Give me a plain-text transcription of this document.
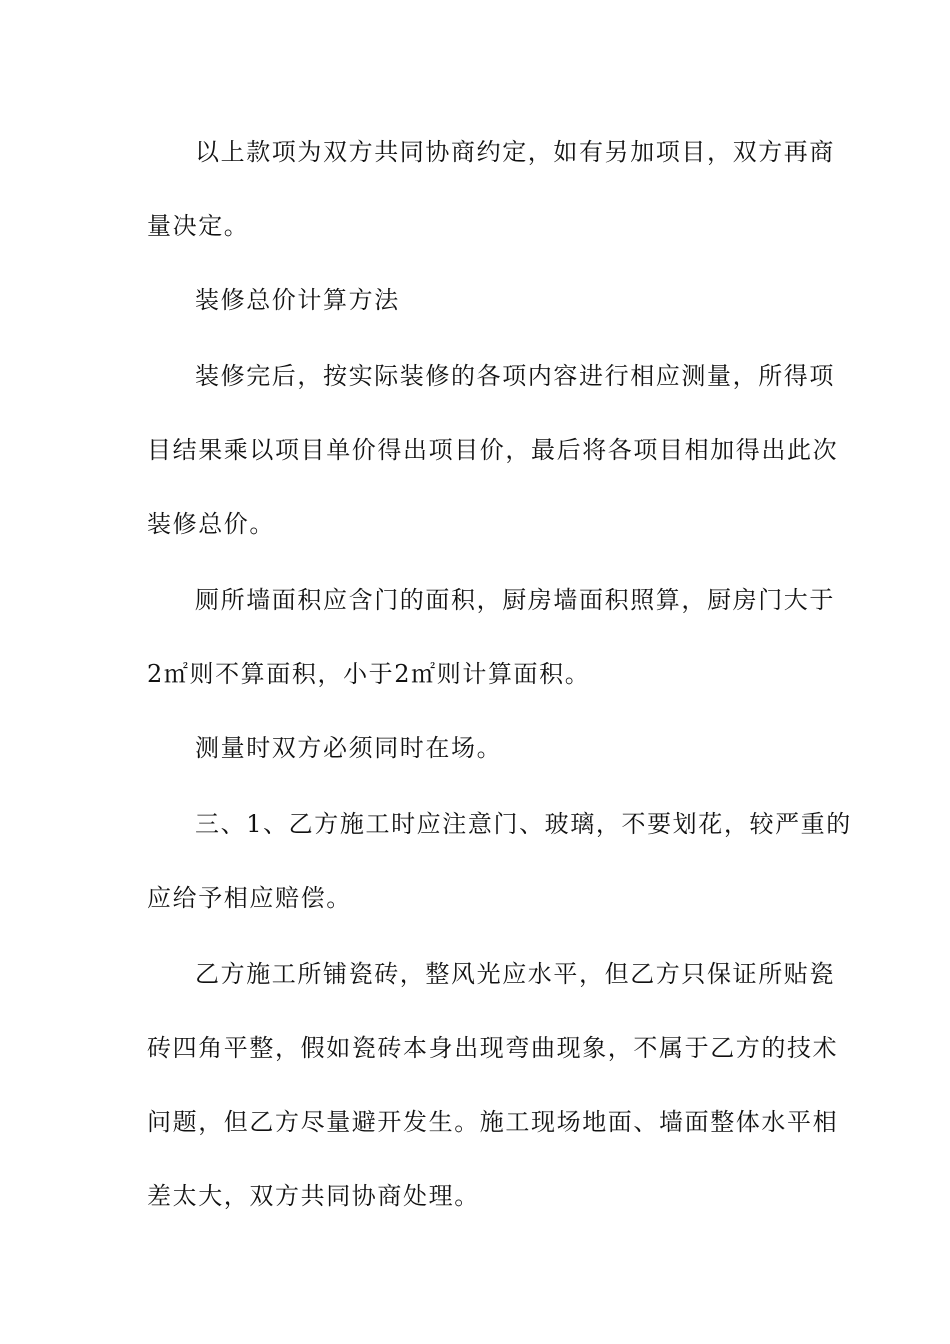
以上款项为双方共同协商约定，如有另加项目，双方再商
量决定。
装修总价计算方法
装修完后，按实际装修的各项内容进行相应测量，所得项
目结果乘以项目单价得出项目价，最后将各项目相加得出此次
装修总价。
厕所墙面积应含门的面积，厨房墙面积照算，厨房门大于
2㎡则不算面积，小于2㎡则计算面积。
测量时双方必须同时在场。
三、1、乙方施工时应注意门、玻璃，不要划花，较严重的
应给予相应赔偿。
乙方施工所铺瓷砖，整风光应水平，但乙方只保证所贴瓷
砖四角平整，假如瓷砖本身出现弯曲现象，不属于乙方的技术
问题，但乙方尽量避开发生。施工现场地面、墙面整体水平相
差太大，双方共同协商处理。
